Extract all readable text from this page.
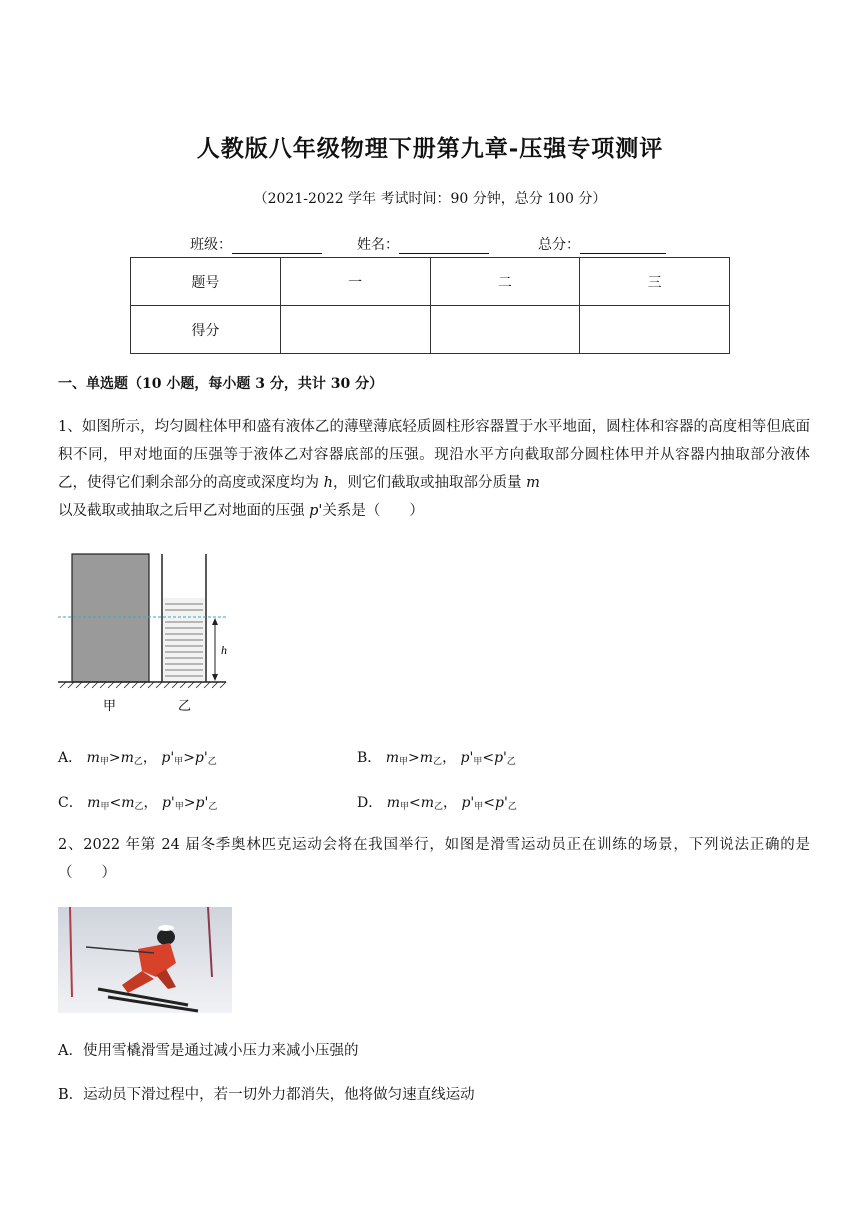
人教版八年级物理下册第九章-压强专项测评
（2021-2022 学年 考试时间：90 分钟，总分 100 分）
班级：	姓名：	总分：
题号	一	二	三
得分			
一、单选题（10 小题，每小题 3 分，共计 30 分）
1、如图所示，均匀圆柱体甲和盛有液体乙的薄壁薄底轻质圆柱形容器置于水平地面，圆柱体和容器的高度相等但底面积不同，甲对地面的压强等于液体乙对容器底部的压强。现沿水平方向截取部分圆柱体甲并从容器内抽取部分液体乙，使得它们剩余部分的高度或深度均为 h，则它们截取或抽取部分质量 m
以及截取或抽取之后甲乙对地面的压强 p'关系是（　　）
h
甲	乙
A． $m_甲>m_乙$， $p'_甲>p'_乙$	B． $m_甲>m_乙$， $p'_甲<p'_乙$
C． $m_甲<m_乙$， $p'_甲>p'_乙$	D． $m_甲<m_乙$， $p'_甲<p'_乙$
2、2022 年第 24 届冬季奥林匹克运动会将在我国举行，如图是滑雪运动员正在训练的场景，下列说法正确的是（　　）
A．使用雪橇滑雪是通过减小压力来减小压强的
B．运动员下滑过程中，若一切外力都消失，他将做匀速直线运动
